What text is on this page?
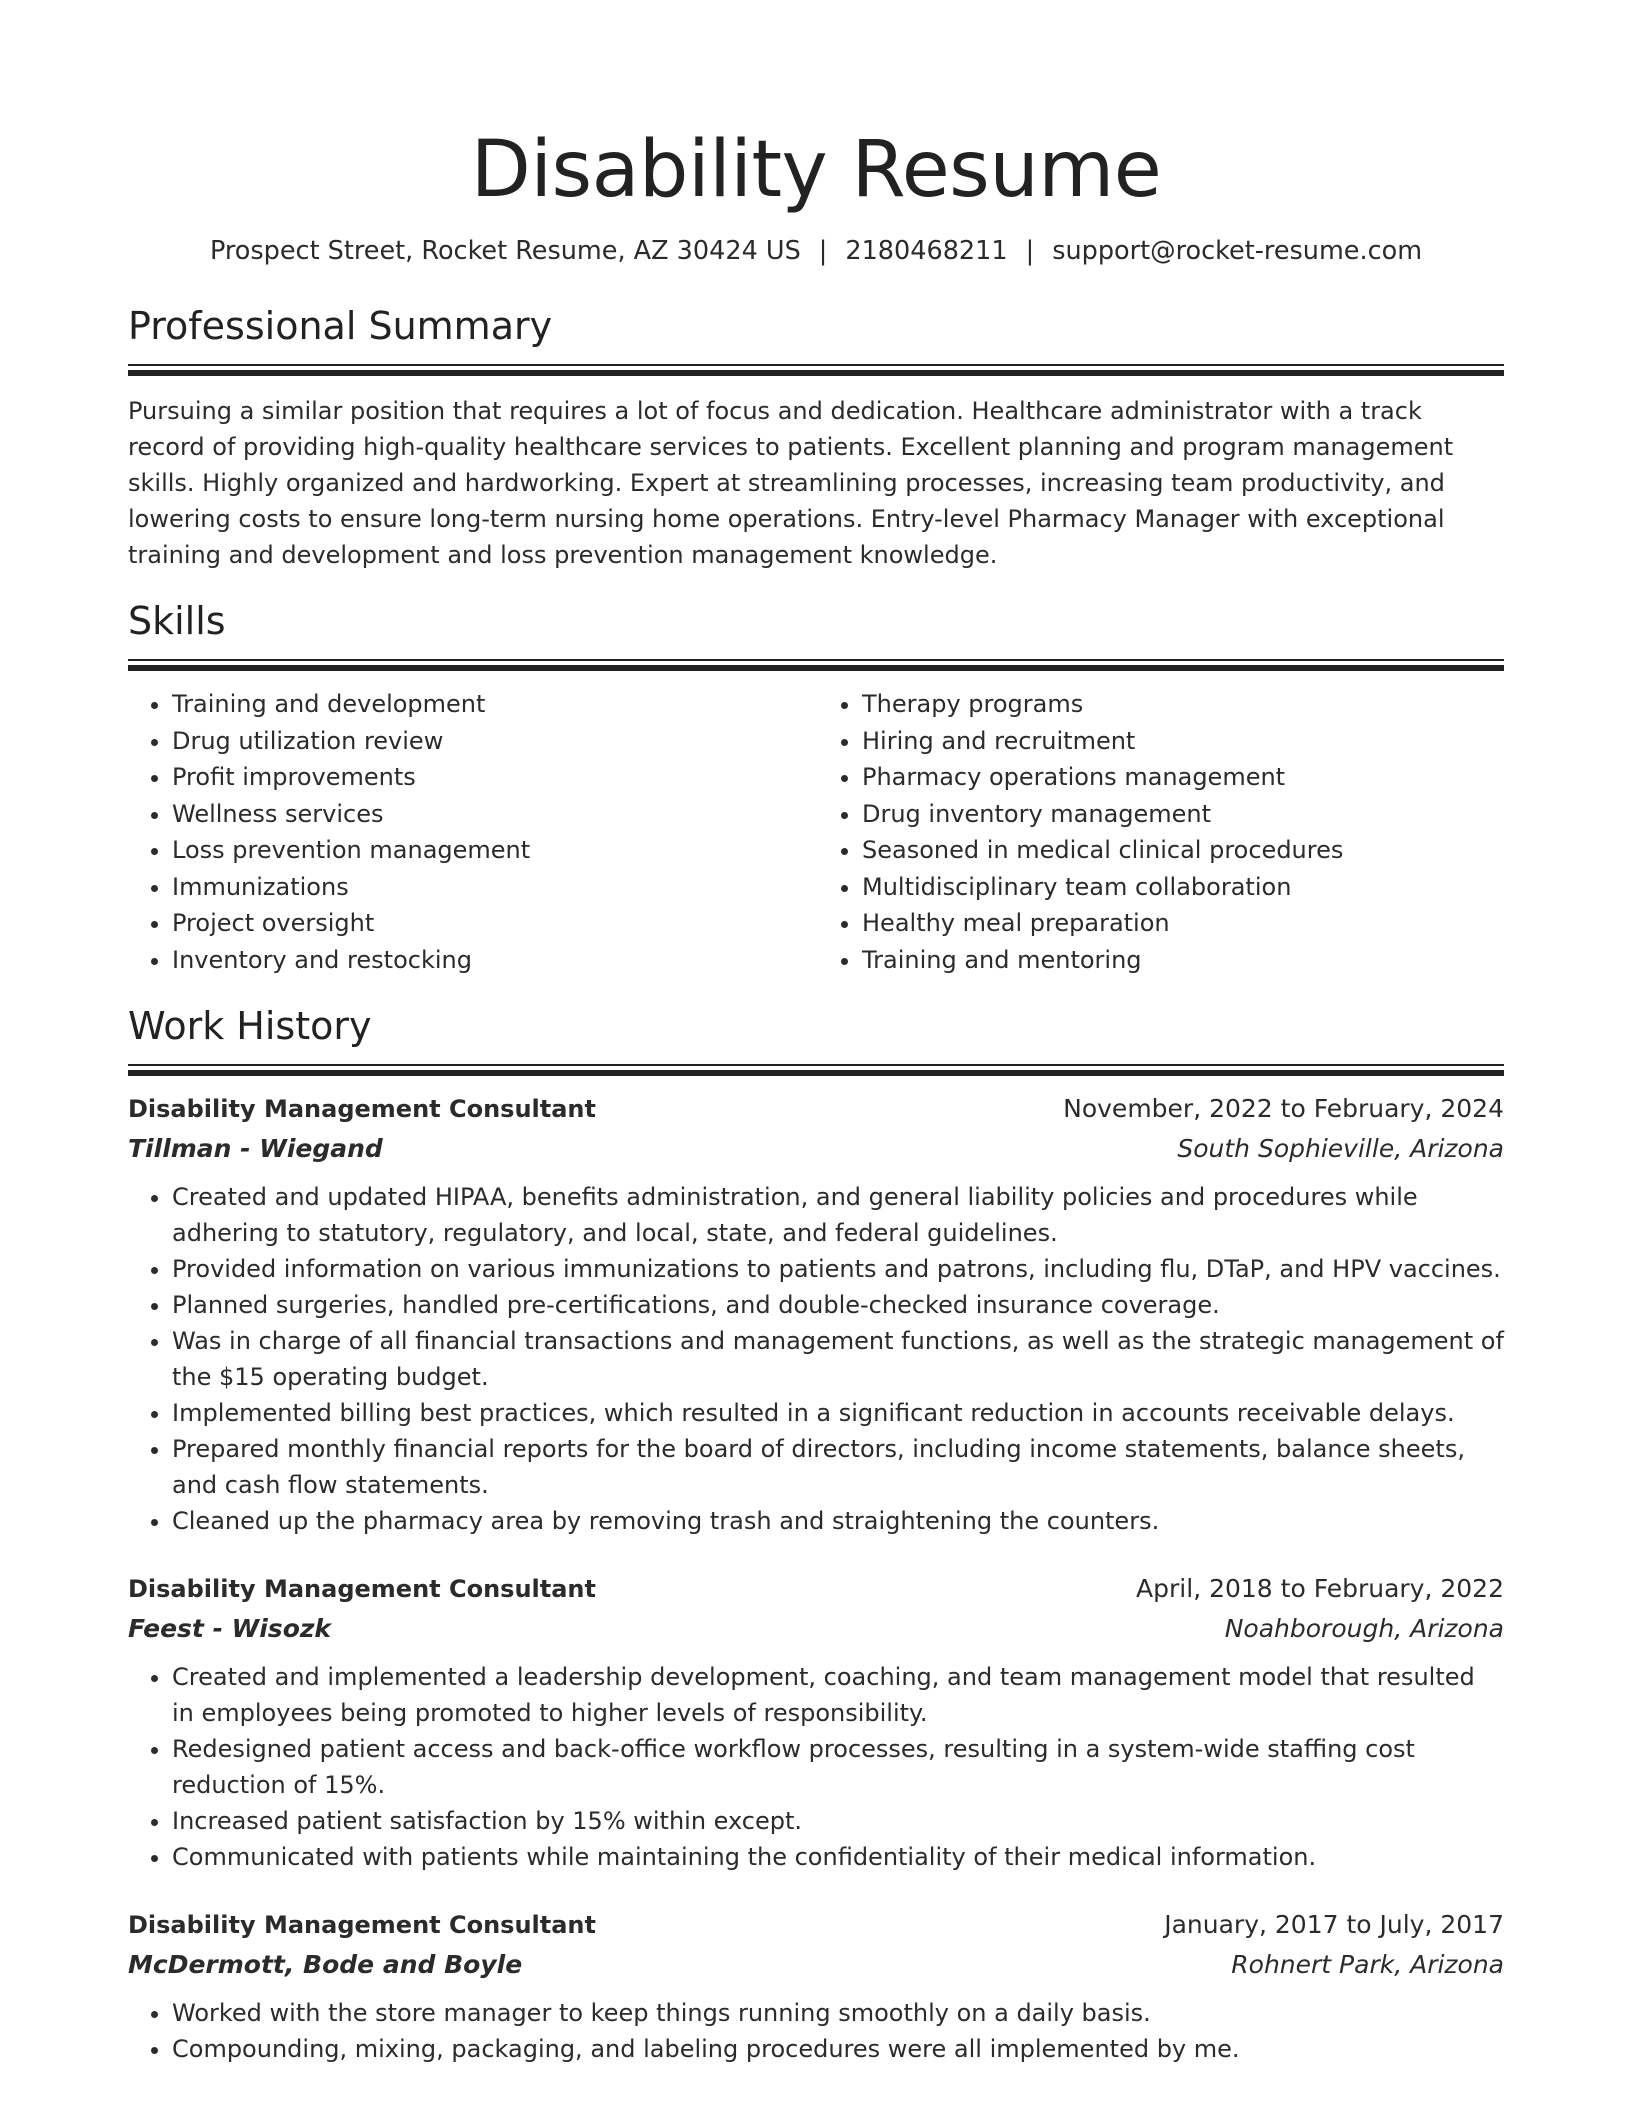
Disability Resume
Prospect Street, Rocket Resume, AZ 30424 US | 2180468211 | support@rocket-resume.com
Professional Summary

Pursuing a similar position that requires a lot of focus and dedication. Healthcare administrator with a track record of providing high-quality healthcare services to patients. Excellent planning and program management skills. Highly organized and hardworking. Expert at streamlining processes, increasing team productivity, and lowering costs to ensure long-term nursing home operations. Entry-level Pharmacy Manager with exceptional training and development and loss prevention management knowledge.

Skills
• Training and development
• Drug utilization review
• Profit improvements
• Wellness services
• Loss prevention management
• Immunizations
• Project oversight
• Inventory and restocking
• Therapy programs
• Hiring and recruitment
• Pharmacy operations management
• Drug inventory management
• Seasoned in medical clinical procedures
• Multidisciplinary team collaboration
• Healthy meal preparation
• Training and mentoring
Work History
Disability Management Consultant	November, 2022 to February, 2024
Tillman - Wiegand	South Sophieville, Arizona
• Created and updated HIPAA, benefits administration, and general liability policies and procedures while adhering to statutory, regulatory, and local, state, and federal guidelines.
• Provided information on various immunizations to patients and patrons, including flu, DTaP, and HPV vaccines.
• Planned surgeries, handled pre-certifications, and double-checked insurance coverage.
• Was in charge of all financial transactions and management functions, as well as the strategic management of the $15 operating budget.
• Implemented billing best practices, which resulted in a significant reduction in accounts receivable delays.
• Prepared monthly financial reports for the board of directors, including income statements, balance sheets, and cash flow statements.
• Cleaned up the pharmacy area by removing trash and straightening the counters.
Disability Management Consultant	April, 2018 to February, 2022
Feest - Wisozk	Noahborough, Arizona
• Created and implemented a leadership development, coaching, and team management model that resulted in employees being promoted to higher levels of responsibility.
• Redesigned patient access and back-office workflow processes, resulting in a system-wide staffing cost reduction of 15%.
• Increased patient satisfaction by 15% within except.
• Communicated with patients while maintaining the confidentiality of their medical information.
Disability Management Consultant	January, 2017 to July, 2017
McDermott, Bode and Boyle	Rohnert Park, Arizona
• Worked with the store manager to keep things running smoothly on a daily basis.
• Compounding, mixing, packaging, and labeling procedures were all implemented by me.
